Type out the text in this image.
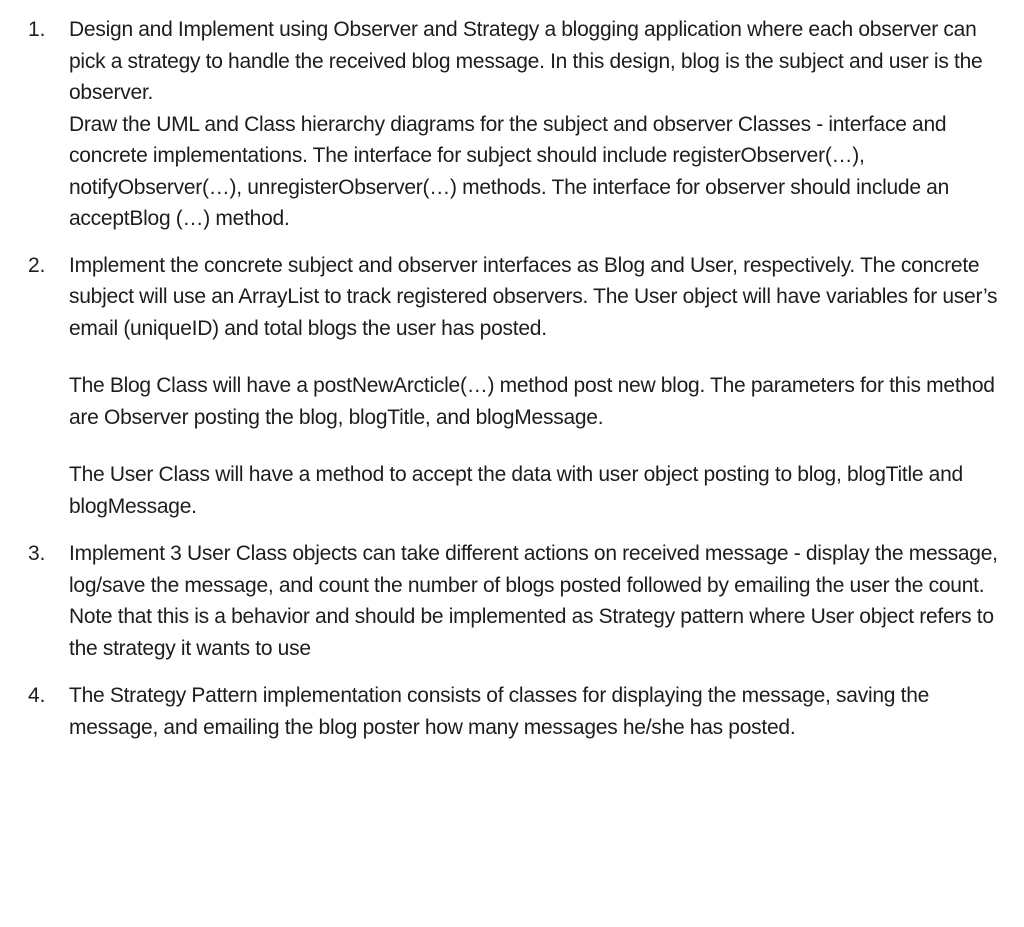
1. Design and Implement using Observer and Strategy a blogging application where each observer can pick a strategy to handle the received blog message. In this design, blog is the subject and user is the observer.

Draw the UML and Class hierarchy diagrams for the subject and observer Classes - interface and concrete implementations. The interface for subject should include registerObserver(…), notifyObserver(…), unregisterObserver(…) methods. The interface for observer should include an acceptBlog (…) method.

2. Implement the concrete subject and observer interfaces as Blog and User, respectively. The concrete subject will use an ArrayList to track registered observers. The User object will have variables for user’s email (uniqueID) and total blogs the user has posted.

The Blog Class will have a postNewArcticle(…) method post new blog. The parameters for this method are Observer posting the blog, blogTitle, and blogMessage.

The User Class will have a method to accept the data with user object posting to blog, blogTitle and blogMessage.

3. Implement 3 User Class objects can take different actions on received message - display the message, log/save the message, and count the number of blogs posted followed by emailing the user the count. Note that this is a behavior and should be implemented as Strategy pattern where User object refers to the strategy it wants to use

4. The Strategy Pattern implementation consists of classes for displaying the message, saving the message, and emailing the blog poster how many messages he/she has posted.
